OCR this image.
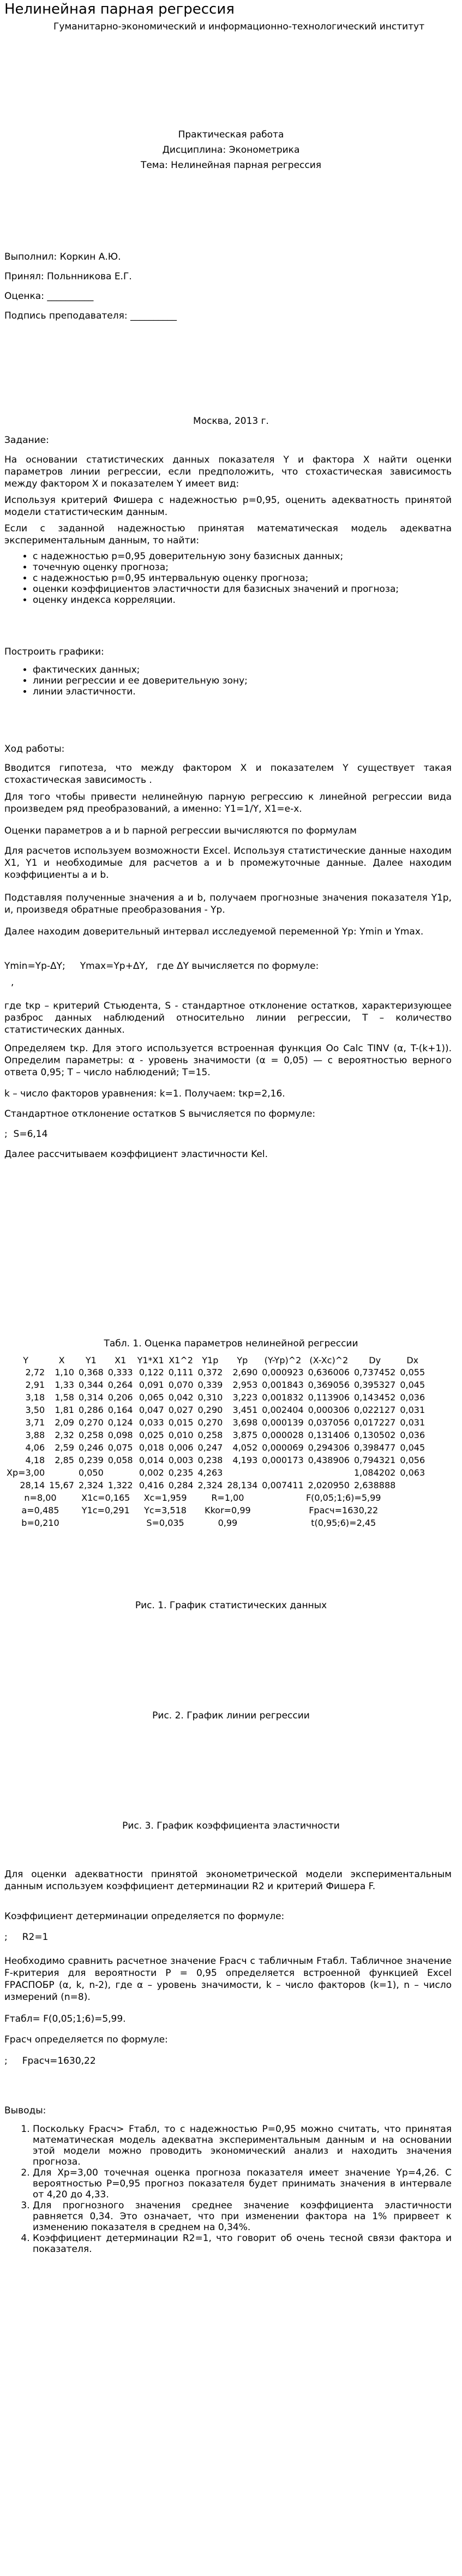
Нелинейная парная регрессия
Гуманитарно-экономический и информационно-технологический институт
Практическая работа
Дисциплина: Эконометрика
Тема: Нелинейная парная регрессия
Выполнил: Коркин А.Ю.
Принял: Польнникова Е.Г.
Оценка: __________
Подпись преподавателя: __________
Москва, 2013 г.
Задание:

На основании статистических данных показателя Y и фактора X найти оценки параметров линии регрессии, если предположить, что стохастическая зависимость между фактором X и показателем Y имеет вид:

Используя критерий Фишера с надежностью p=0,95, оценить адекватность принятой модели статистическим данным.

Если с заданной надежностью принятая математическая модель адекватна экспериментальным данным, то найти:

• с надежностью p=0,95 доверительную зону базисных данных;
• точечную оценку прогноза;
• с надежностью p=0,95 интервальную оценку прогноза;
• оценки коэффициентов эластичности для базисных значений и прогноза;
• оценку индекса корреляции.
Построить графики:
• фактических данных;
• линии регрессии и ее доверительную зону;
• линии эластичности.
Ход работы:

Вводится гипотеза, что между фактором X и показателем Y существует такая стохастическая зависимость .

Для того чтобы привести нелинейную парную регрессию к линейной регрессии вида произведем ряд преобразований, а именно: Y1=1/Y, X1=e-x.

Оценки параметров a и b парной регрессии вычисляются по формулам

Для расчетов используем возможности Excel. Используя статистические данные находим X1, Y1 и необходимые для расчетов a и b промежуточные данные. Далее находим коэффициенты a и b.

Подставляя полученные значения a и b, получаем прогнозные значения показателя Y1p, и, произведя обратные преобразования - Yp.

Далее находим доверительный интервал исследуемой переменной Yp: Ymin и Ymax.

Ymin=Yp-ΔY;     Ymax=Yp+ΔY,   где ΔY вычисляется по формуле:
,

где tкр – критерий Стьюдента, S - стандартное отклонение остатков, характеризующее разброс данных наблюдений относительно линии регрессии, T – количество статистических данных.

Определяем tкр. Для этого используется встроенная функция Oo Calc TINV (α, T-(k+1)). Определим параметры: α - уровень значимости (α = 0,05) — с вероятностью верного ответа 0,95; T – число наблюдений; T=15.

k – число факторов уравнения: k=1. Получаем: tкр=2,16.

Стандартное отклонение остатков S вычисляется по формуле:

;  S=6,14

Далее рассчитываем коэффициент эластичности Kel.

Табл. 1. Оценка параметров нелинейной регрессии
Y	X	Y1	X1	Y1*X1	X1^2	Y1p	Yp	(Y-Yp)^2	(X-Xc)^2	Dy	Dx
2,72	1,10	0,368	0,333	0,122	0,111	0,372	2,690	0,000923	0,636006	0,737452	0,055
2,91	1,33	0,344	0,264	0,091	0,070	0,339	2,953	0,001843	0,369056	0,395327	0,045
3,18	1,58	0,314	0,206	0,065	0,042	0,310	3,223	0,001832	0,113906	0,143452	0,036
3,50	1,81	0,286	0,164	0,047	0,027	0,290	3,451	0,002404	0,000306	0,022127	0,031
3,71	2,09	0,270	0,124	0,033	0,015	0,270	3,698	0,000139	0,037056	0,017227	0,031
3,88	2,32	0,258	0,098	0,025	0,010	0,258	3,875	0,000028	0,131406	0,130502	0,036
4,06	2,59	0,246	0,075	0,018	0,006	0,247	4,052	0,000069	0,294306	0,398477	0,045
4,18	2,85	0,239	0,058	0,014	0,003	0,238	4,193	0,000173	0,438906	0,794321	0,056
Xp=3,00		0,050		0,002	0,235	4,263				1,084202	0,063
28,14	15,67	2,324	1,322	0,416	0,284	2,324	28,134	0,007411	2,020950	2,638888	
n=8,00		X1c=0,165		Xc=1,959		R=1,00		F(0,05;1;6)=5,99			
a=0,485		Y1c=0,291		Yc=3,518		Kkor=0,99		Fрасч=1630,22			
b=0,210				S=0,035		0,99		t(0,95;6)=2,45			
Рис. 1. График статистических данных
Рис. 2. График линии регрессии
Рис. 3. График коэффициента эластичности

Для оценки адекватности принятой эконометрической модели экспериментальным данным используем коэффициент детерминации R2 и критерий Фишера F.

Коэффициент детерминации определяется по формуле:

;     R2=1

Необходимо сравнить расчетное значение Fрасч с табличным Fтабл. Табличное значение F-критерия для вероятности P = 0,95 определяется встроенной функцией Excel FРАСПОБР (α, k, n-2), где α – уровень значимости, k – число факторов (k=1), n – число измерений (n=8).

Fтабл= F(0,05;1;6)=5,99.

Fрасч определяется по формуле:

;     Fрасч=1630,22
Выводы:
1. Поскольку Fрасч> Fтабл, то с надежностью P=0,95 можно считать, что принятая математическая модель адекватна экспериментальным данным и на основании этой модели можно проводить экономический анализ и находить значения прогноза.
2. Для Xp=3,00 точечная оценка прогноза показателя имеет значение Yp=4,26. С вероятностью P=0,95 прогноз показателя будет принимать значения в интервале от 4,20 до 4,33.
3. Для прогнозного значения среднее значение коэффициента эластичности равняется 0,34. Это означает, что при изменении фактора на 1% прирвеет к изменению показателя в среднем на 0,34%.
4. Коэффициент детерминации R2=1, что говорит об очень тесной связи фактора и показателя.
